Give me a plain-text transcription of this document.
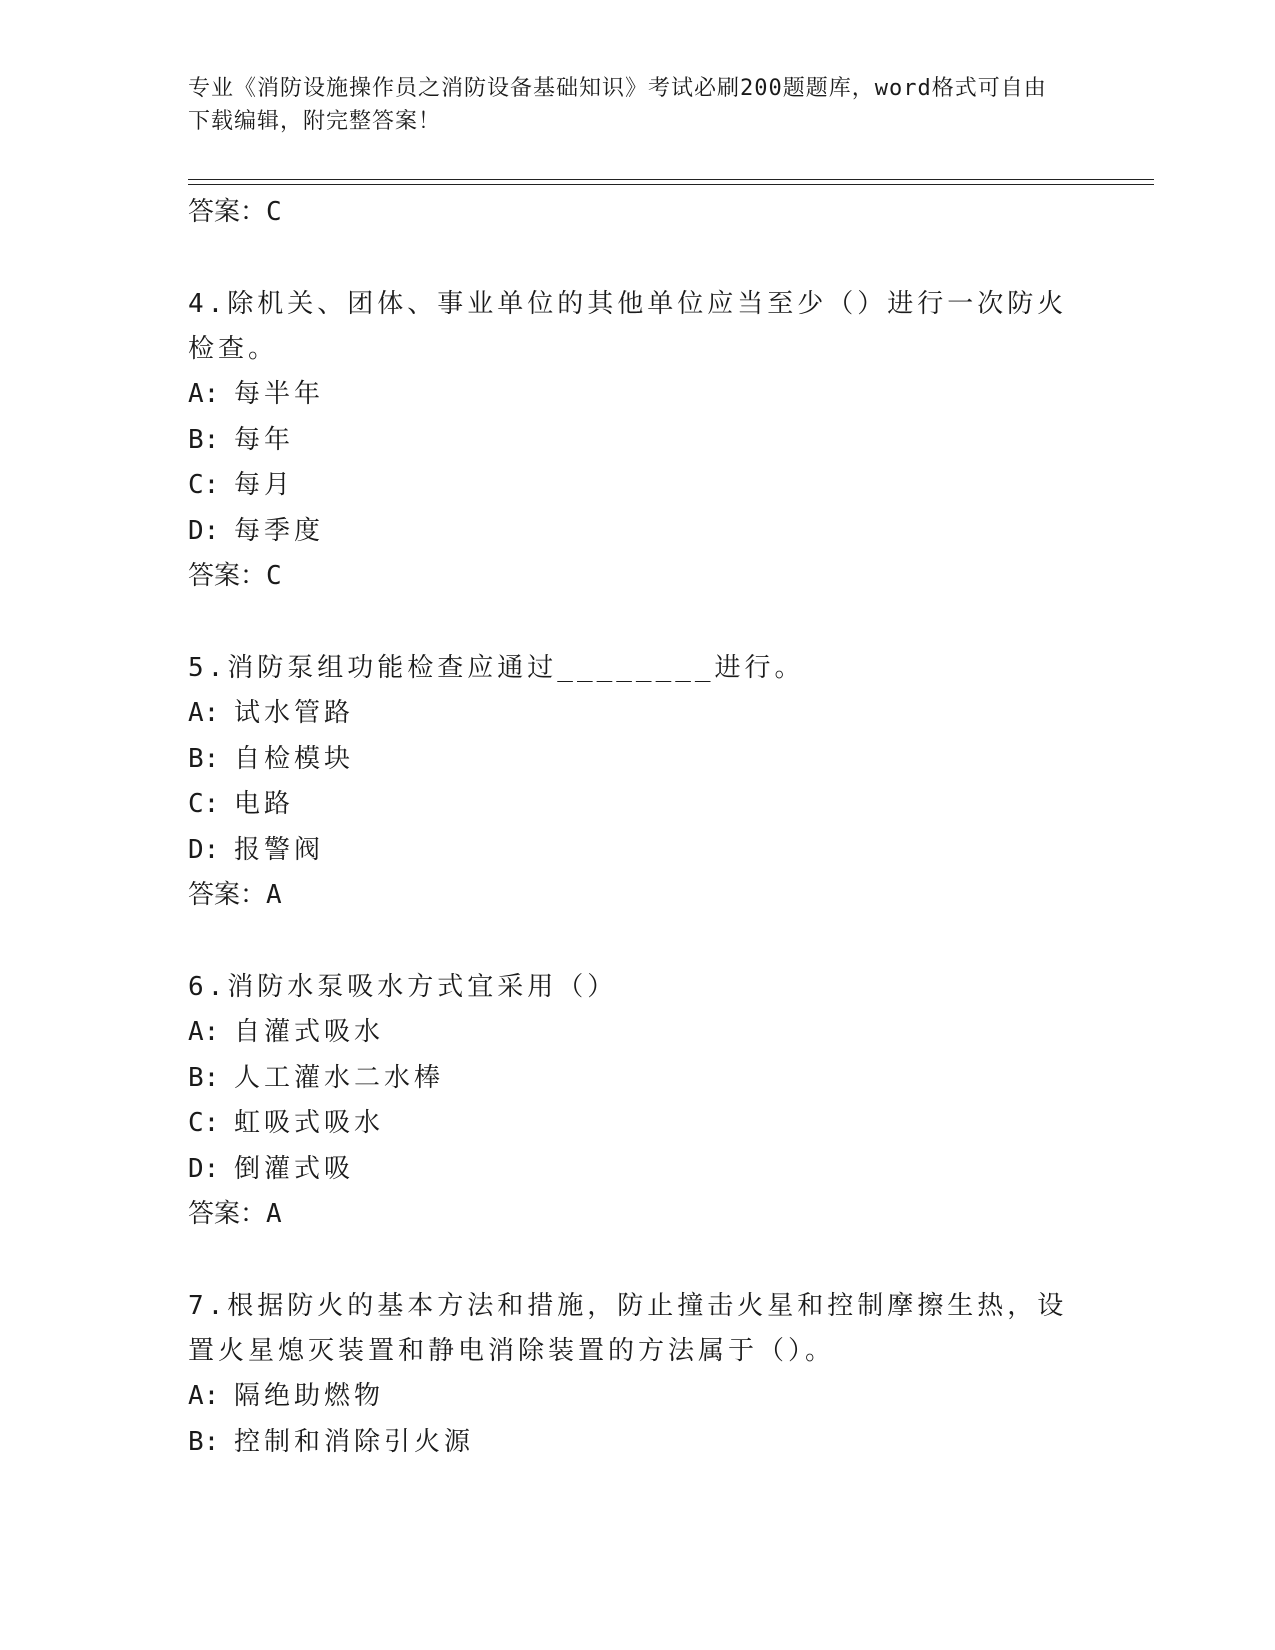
专业《消防设施操作员之消防设备基础知识》考试必刷200题题库，word格式可自由下载编辑，附完整答案！
答案：C
4.除机关、团体、事业单位的其他单位应当至少（）进行一次防火检查。
A: 每半年
B: 每年
C: 每月
D: 每季度
答案：C
5.消防泵组功能检查应通过________进行。
A: 试水管路
B: 自检模块
C: 电路
D: 报警阀
答案：A
6.消防水泵吸水方式宜采用（）
A: 自灌式吸水
B: 人工灌水二水棒
C: 虹吸式吸水
D: 倒灌式吸
答案：A
7.根据防火的基本方法和措施，防止撞击火星和控制摩擦生热，设置火星熄灭装置和静电消除装置的方法属于（）。
A: 隔绝助燃物
B: 控制和消除引火源
